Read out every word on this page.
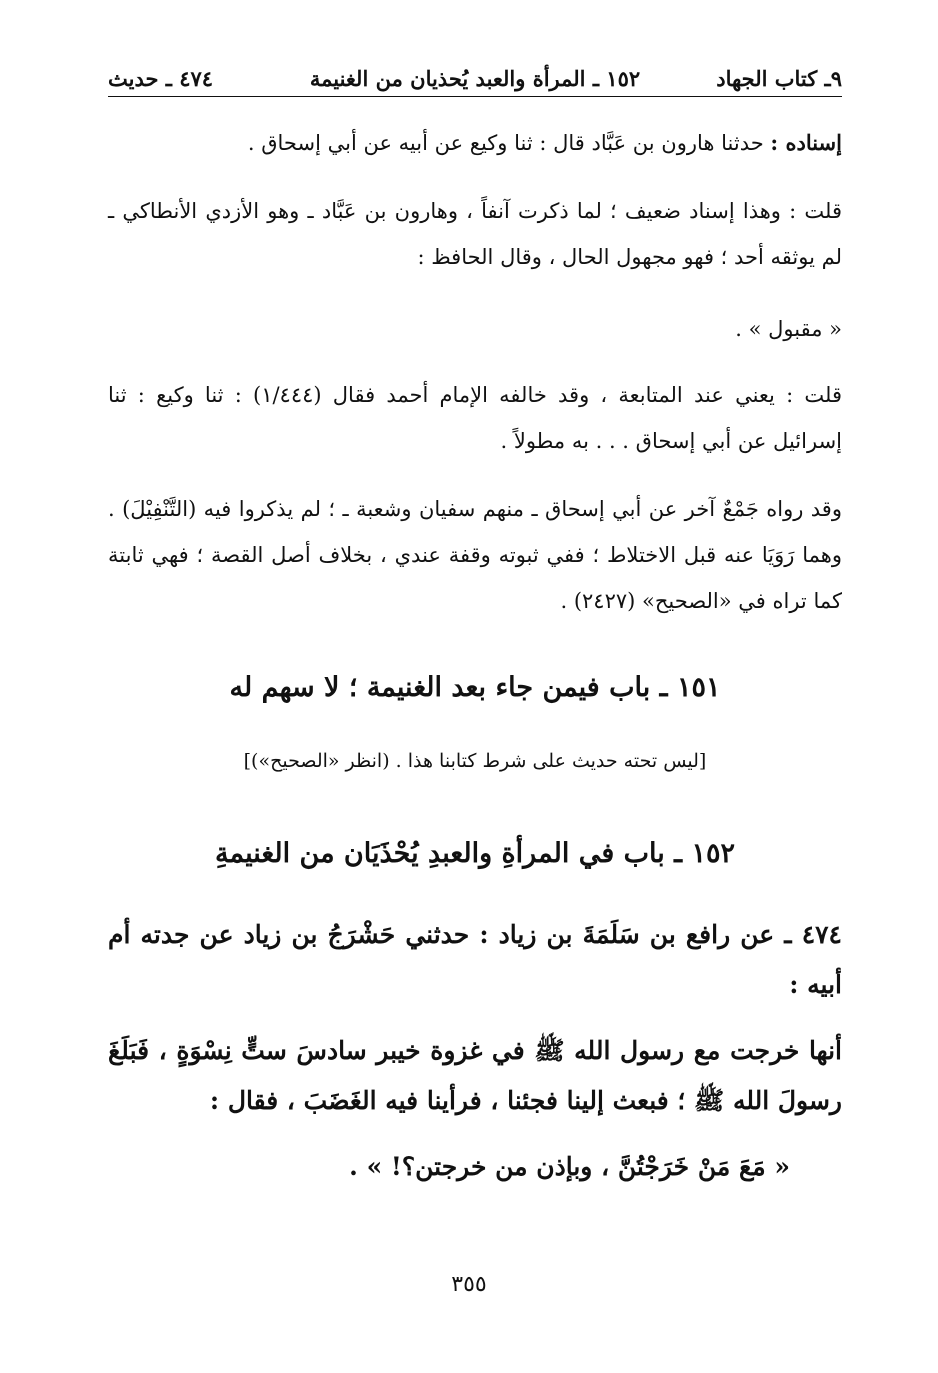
٩ـ كتاب الجهاد
١٥٢ ـ المرأة والعبد يُحذيان من الغنيمة
٤٧٤ ـ حديث
إسناده : حدثنا هارون بن عَبَّاد قال : ثنا وكيع عن أبيه عن أبي إسحاق .
قلت : وهذا إسناد ضعيف ؛ لما ذكرت آنفاً ، وهارون بن عَبَّاد ـ وهو الأزدي الأنطاكي ـ لم يوثقه أحد ؛ فهو مجهول الحال ، وقال الحافظ :
« مقبول » .
قلت : يعني عند المتابعة ، وقد خالفه الإمام أحمد فقال (١/٤٤٤) : ثنا وكيع : ثنا إسرائيل عن أبي إسحاق . . . به مطولاً .
وقد رواه جَمْعٌ آخر عن أبي إسحاق ـ منهم سفيان وشعبة ـ ؛ لم يذكروا فيه (التَّنْفِيْلَ) . وهما رَوَيَا عنه قبل الاختلاط ؛ ففي ثبوته وقفة عندي ، بخلاف أصل القصة ؛ فهي ثابتة كما تراه في «الصحيح» (٢٤٢٧) .
١٥١ ـ باب فيمن جاء بعد الغنيمة ؛ لا سهم له
[ليس تحته حديث على شرط كتابنا هذا . (انظر «الصحيح»)]
١٥٢ ـ باب في المرأةِ والعبدِ يُحْذَيَان من الغنيمةِ
٤٧٤ ـ عن رافع بن سَلَمَةَ بن زياد : حدثني حَشْرَجُ بن زياد عن جدته أم أبيه :
أنها خرجت مع رسول الله ﷺ في غزوة خيبر سادسَ ستٍّ نِسْوَةٍ ، فَبَلَغَ رسولَ الله ﷺ ؛ فبعث إلينا فجئنا ، فرأينا فيه الغَضَبَ ، فقال :
« مَعَ مَنْ خَرَجْتُنَّ ، وبإذن من خرجتن؟! » .
٣٥٥
